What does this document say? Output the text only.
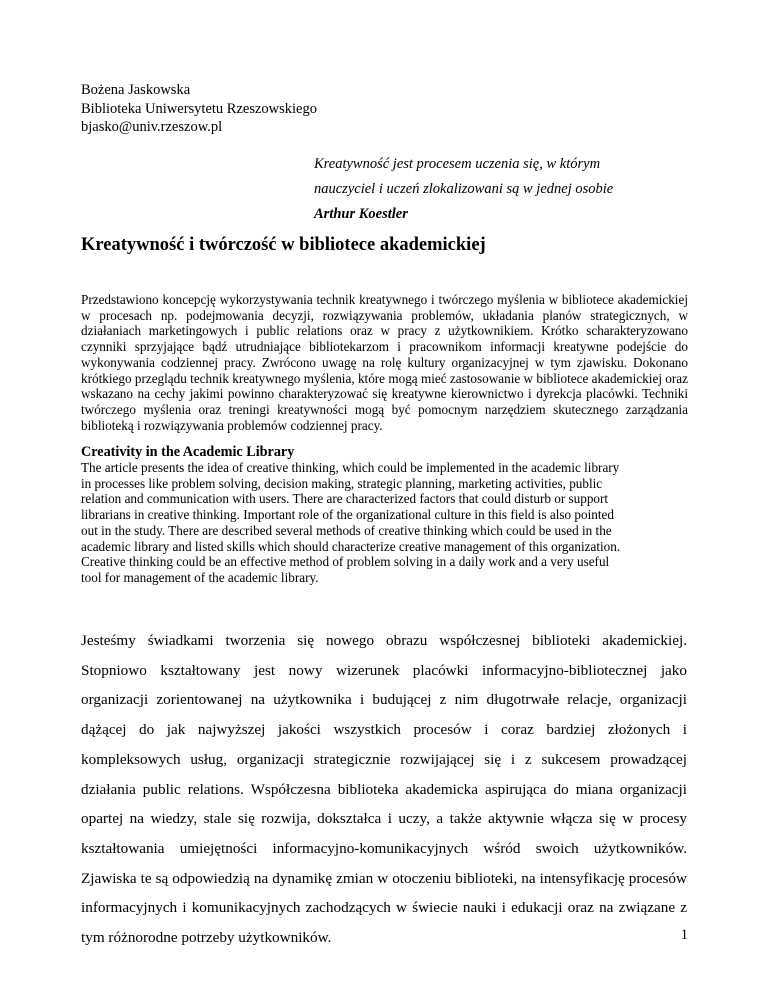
Bożena Jaskowska
Biblioteka Uniwersytetu Rzeszowskiego
bjasko@univ.rzeszow.pl
Kreatywność jest procesem uczenia się, w którym
nauczyciel i uczeń zlokalizowani są w jednej osobie
Arthur Koestler
Kreatywność i twórczość w bibliotece akademickiej

Przedstawiono koncepcję wykorzystywania technik kreatywnego i twórczego myślenia w bibliotece akademickiej w procesach np. podejmowania decyzji, rozwiązywania problemów, układania planów strategicznych, w działaniach marketingowych i public relations oraz w pracy z użytkownikiem. Krótko scharakteryzowano czynniki sprzyjające bądź utrudniające bibliotekarzom i pracownikom informacji kreatywne podejście do wykonywania codziennej pracy. Zwrócono uwagę na rolę kultury organizacyjnej w tym zjawisku. Dokonano krótkiego przeglądu technik kreatywnego myślenia, które mogą mieć zastosowanie w bibliotece akademickiej oraz wskazano na cechy jakimi powinno charakteryzować się kreatywne kierownictwo i dyrekcja placówki. Techniki twórczego myślenia oraz treningi kreatywności mogą być pomocnym narzędziem skutecznego zarządzania biblioteką i rozwiązywania problemów codziennej pracy.

Creativity in the Academic Library
The article presents the idea of creative thinking, which could be implemented in the academic library
in processes like problem solving, decision making, strategic planning, marketing activities, public
relation and communication with users. There are characterized factors that could disturb or support
librarians in creative thinking. Important role of the organizational culture in this field is also pointed
out in the study. There are described several methods of creative thinking which could be used in the
academic library and listed skills which should characterize creative management of this organization.
Creative thinking could be an effective method of problem solving in a daily work and a very useful
tool for management of the academic library.

Jesteśmy świadkami tworzenia się nowego obrazu współczesnej biblioteki akademickiej. Stopniowo kształtowany jest nowy wizerunek placówki informacyjno-bibliotecznej jako organizacji zorientowanej na użytkownika i budującej z nim długotrwałe relacje, organizacji dążącej do jak najwyższej jakości wszystkich procesów i coraz bardziej złożonych i kompleksowych usług, organizacji strategicznie rozwijającej się i z sukcesem prowadzącej działania public relations. Współczesna biblioteka akademicka aspirująca do miana organizacji opartej na wiedzy, stale się rozwija, dokształca i uczy, a także aktywnie włącza się w procesy kształtowania umiejętności informacyjno-komunikacyjnych wśród swoich użytkowników. Zjawiska te są odpowiedzią na dynamikę zmian w otoczeniu biblioteki, na intensyfikację procesów informacyjnych i komunikacyjnych zachodzących w świecie nauki i edukacji oraz na związane z tym różnorodne potrzeby użytkowników.	1
